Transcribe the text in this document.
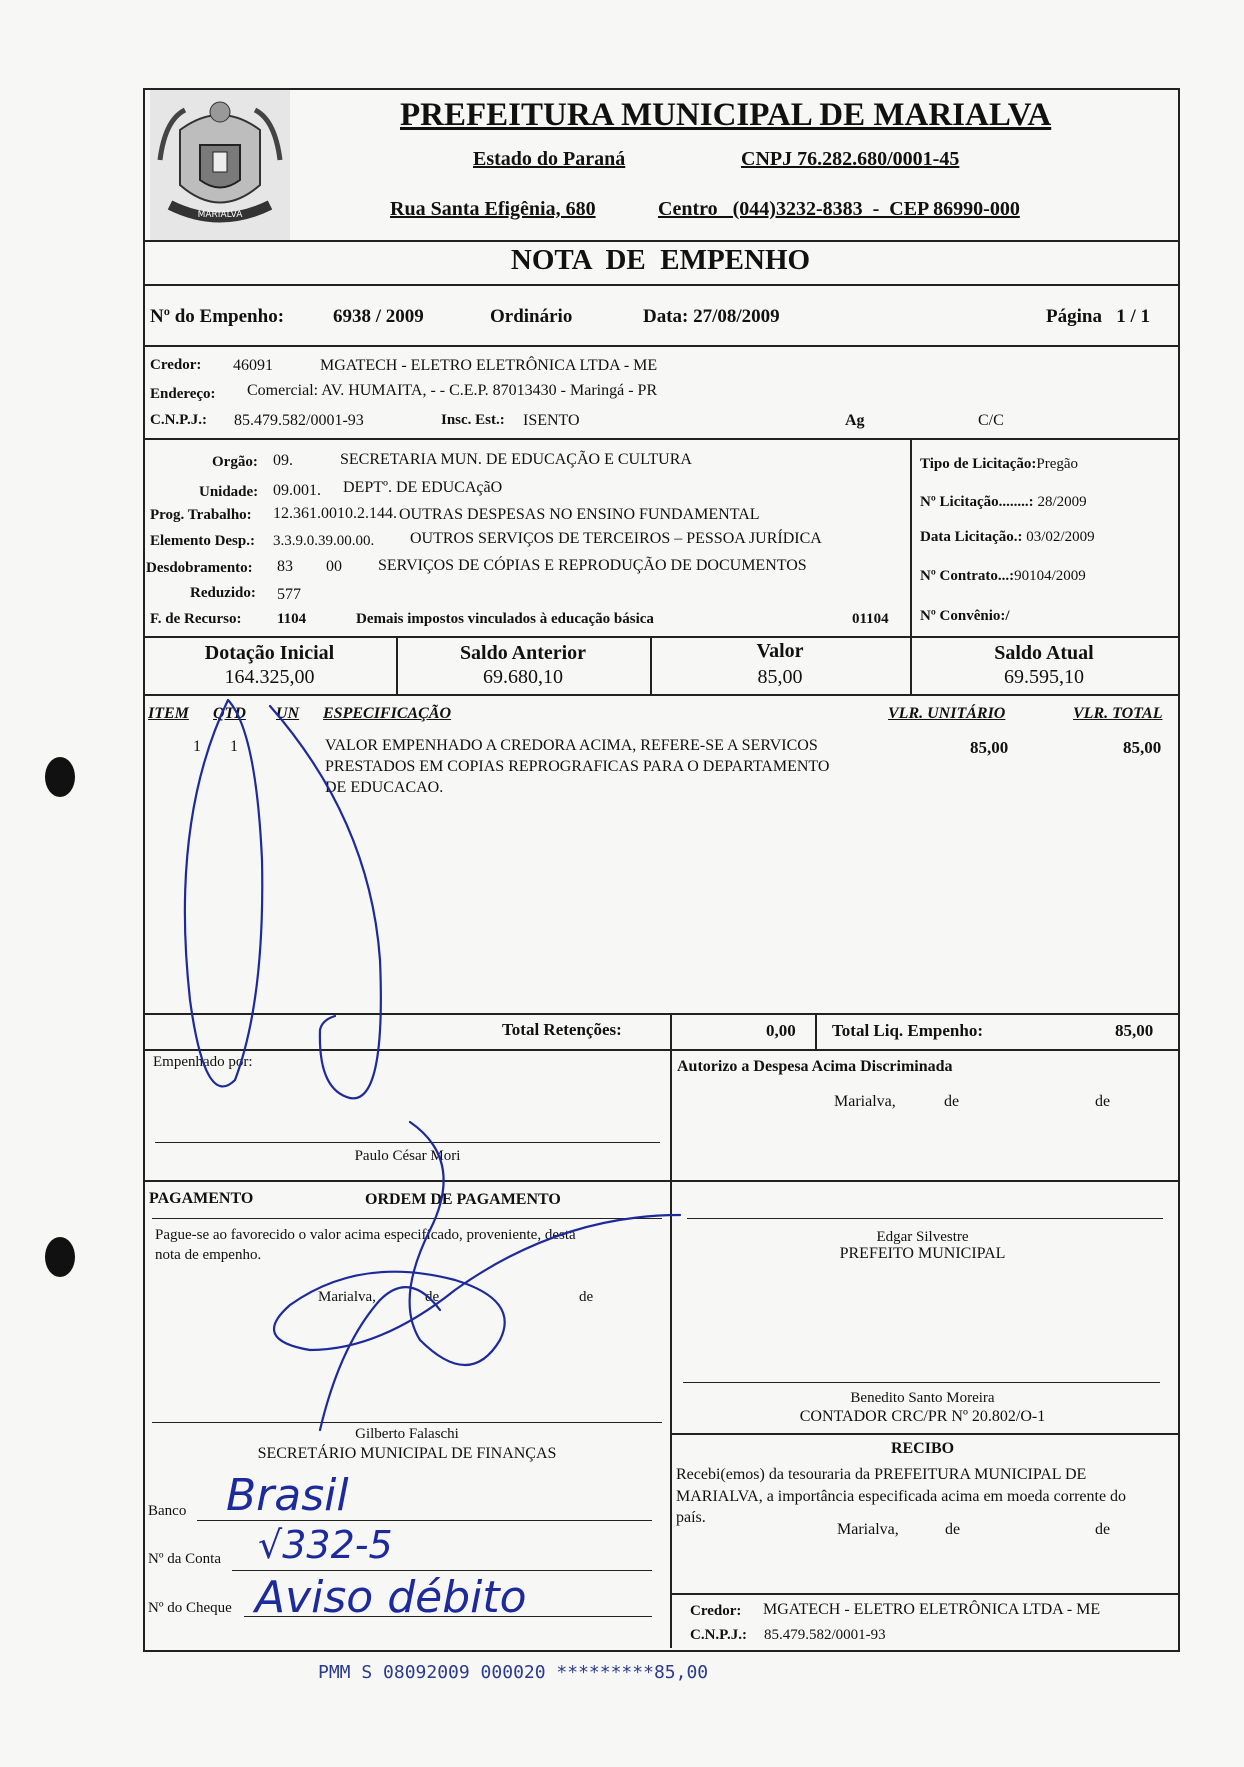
MARIALVA
PREFEITURA MUNICIPAL DE MARIALVA
Estado do Paraná	CNPJ 76.282.680/0001-45
Rua Santa Efigênia, 680	Centro   (044)3232-8383  -  CEP 86990-000
NOTA  DE  EMPENHO
Nº do Empenho:	6938 / 2009	Ordinário	Data: 27/08/2009	Página   1 / 1
Credor: 46091	MGATECH - ELETRO ELETRÔNICA LTDA - ME
Endereço: Comercial: AV. HUMAITA, - - C.E.P. 87013430 - Maringá - PR
C.N.P.J.: 85.479.582/0001-93	Insc. Est.: ISENTO	Ag	C/C
Orgão: 09.	SECRETARIA MUN. DE EDUCAÇÃO E CULTURA
Unidade: 09.001. DEPTº. DE EDUCAçãO
Prog. Trabalho: 12.361.0010.2.144. OUTRAS DESPESAS NO ENSINO FUNDAMENTAL
Elemento Desp.: 3.3.9.0.39.00.00. OUTROS SERVIÇOS DE TERCEIROS – PESSOA JURÍDICA
Desdobramento: 83 00 SERVIÇOS DE CÓPIAS E REPRODUÇÃO DE DOCUMENTOS
Reduzido: 577
F. de Recurso: 1104	Demais impostos vinculados à educação básica	01104
Tipo de Licitação:Pregão
Nº Licitação........: 28/2009
Data Licitação.: 03/02/2009
Nº Contrato...:90104/2009
Nº Convênio:/
Dotação Inicial
164.325,00
Saldo Anterior
69.680,10
Valor
85,00
Saldo Atual
69.595,10
ITEM QTD UN ESPECIFICAÇÃO	VLR. UNITÁRIO	VLR. TOTAL
1 1	VALOR EMPENHADO A CREDORA ACIMA, REFERE-SE A SERVICOS
PRESTADOS EM COPIAS REPROGRAFICAS PARA O DEPARTAMENTO
DE EDUCACAO.
85,00	85,00
Total Retenções:	0,00 Total Liq. Empenho:	85,00
Empenhado por:
Paulo César Mori
Autorizo a Despesa Acima Discriminada
Marialva,	de	de
PAGAMENTO	ORDEM DE PAGAMENTO
Pague-se ao favorecido o valor acima especificado, proveniente, desta
nota de empenho.
Marialva,	de	de
Gilberto Falaschi
SECRETÁRIO MUNICIPAL DE FINANÇAS
Banco
Nº da Conta
Nº do Cheque
Brasil
√332-5
Aviso débito
Edgar Silvestre
PREFEITO MUNICIPAL
Benedito Santo Moreira
CONTADOR CRC/PR Nº 20.802/O-1
RECIBO
Recebi(emos) da tesouraria da PREFEITURA MUNICIPAL DE
MARIALVA, a importância especificada acima em moeda corrente do
país.
Marialva,	de	de
Credor: MGATECH - ELETRO ELETRÔNICA LTDA - ME
C.N.P.J.: 85.479.582/0001-93
PMM S 08092009 000020 *********85,00
